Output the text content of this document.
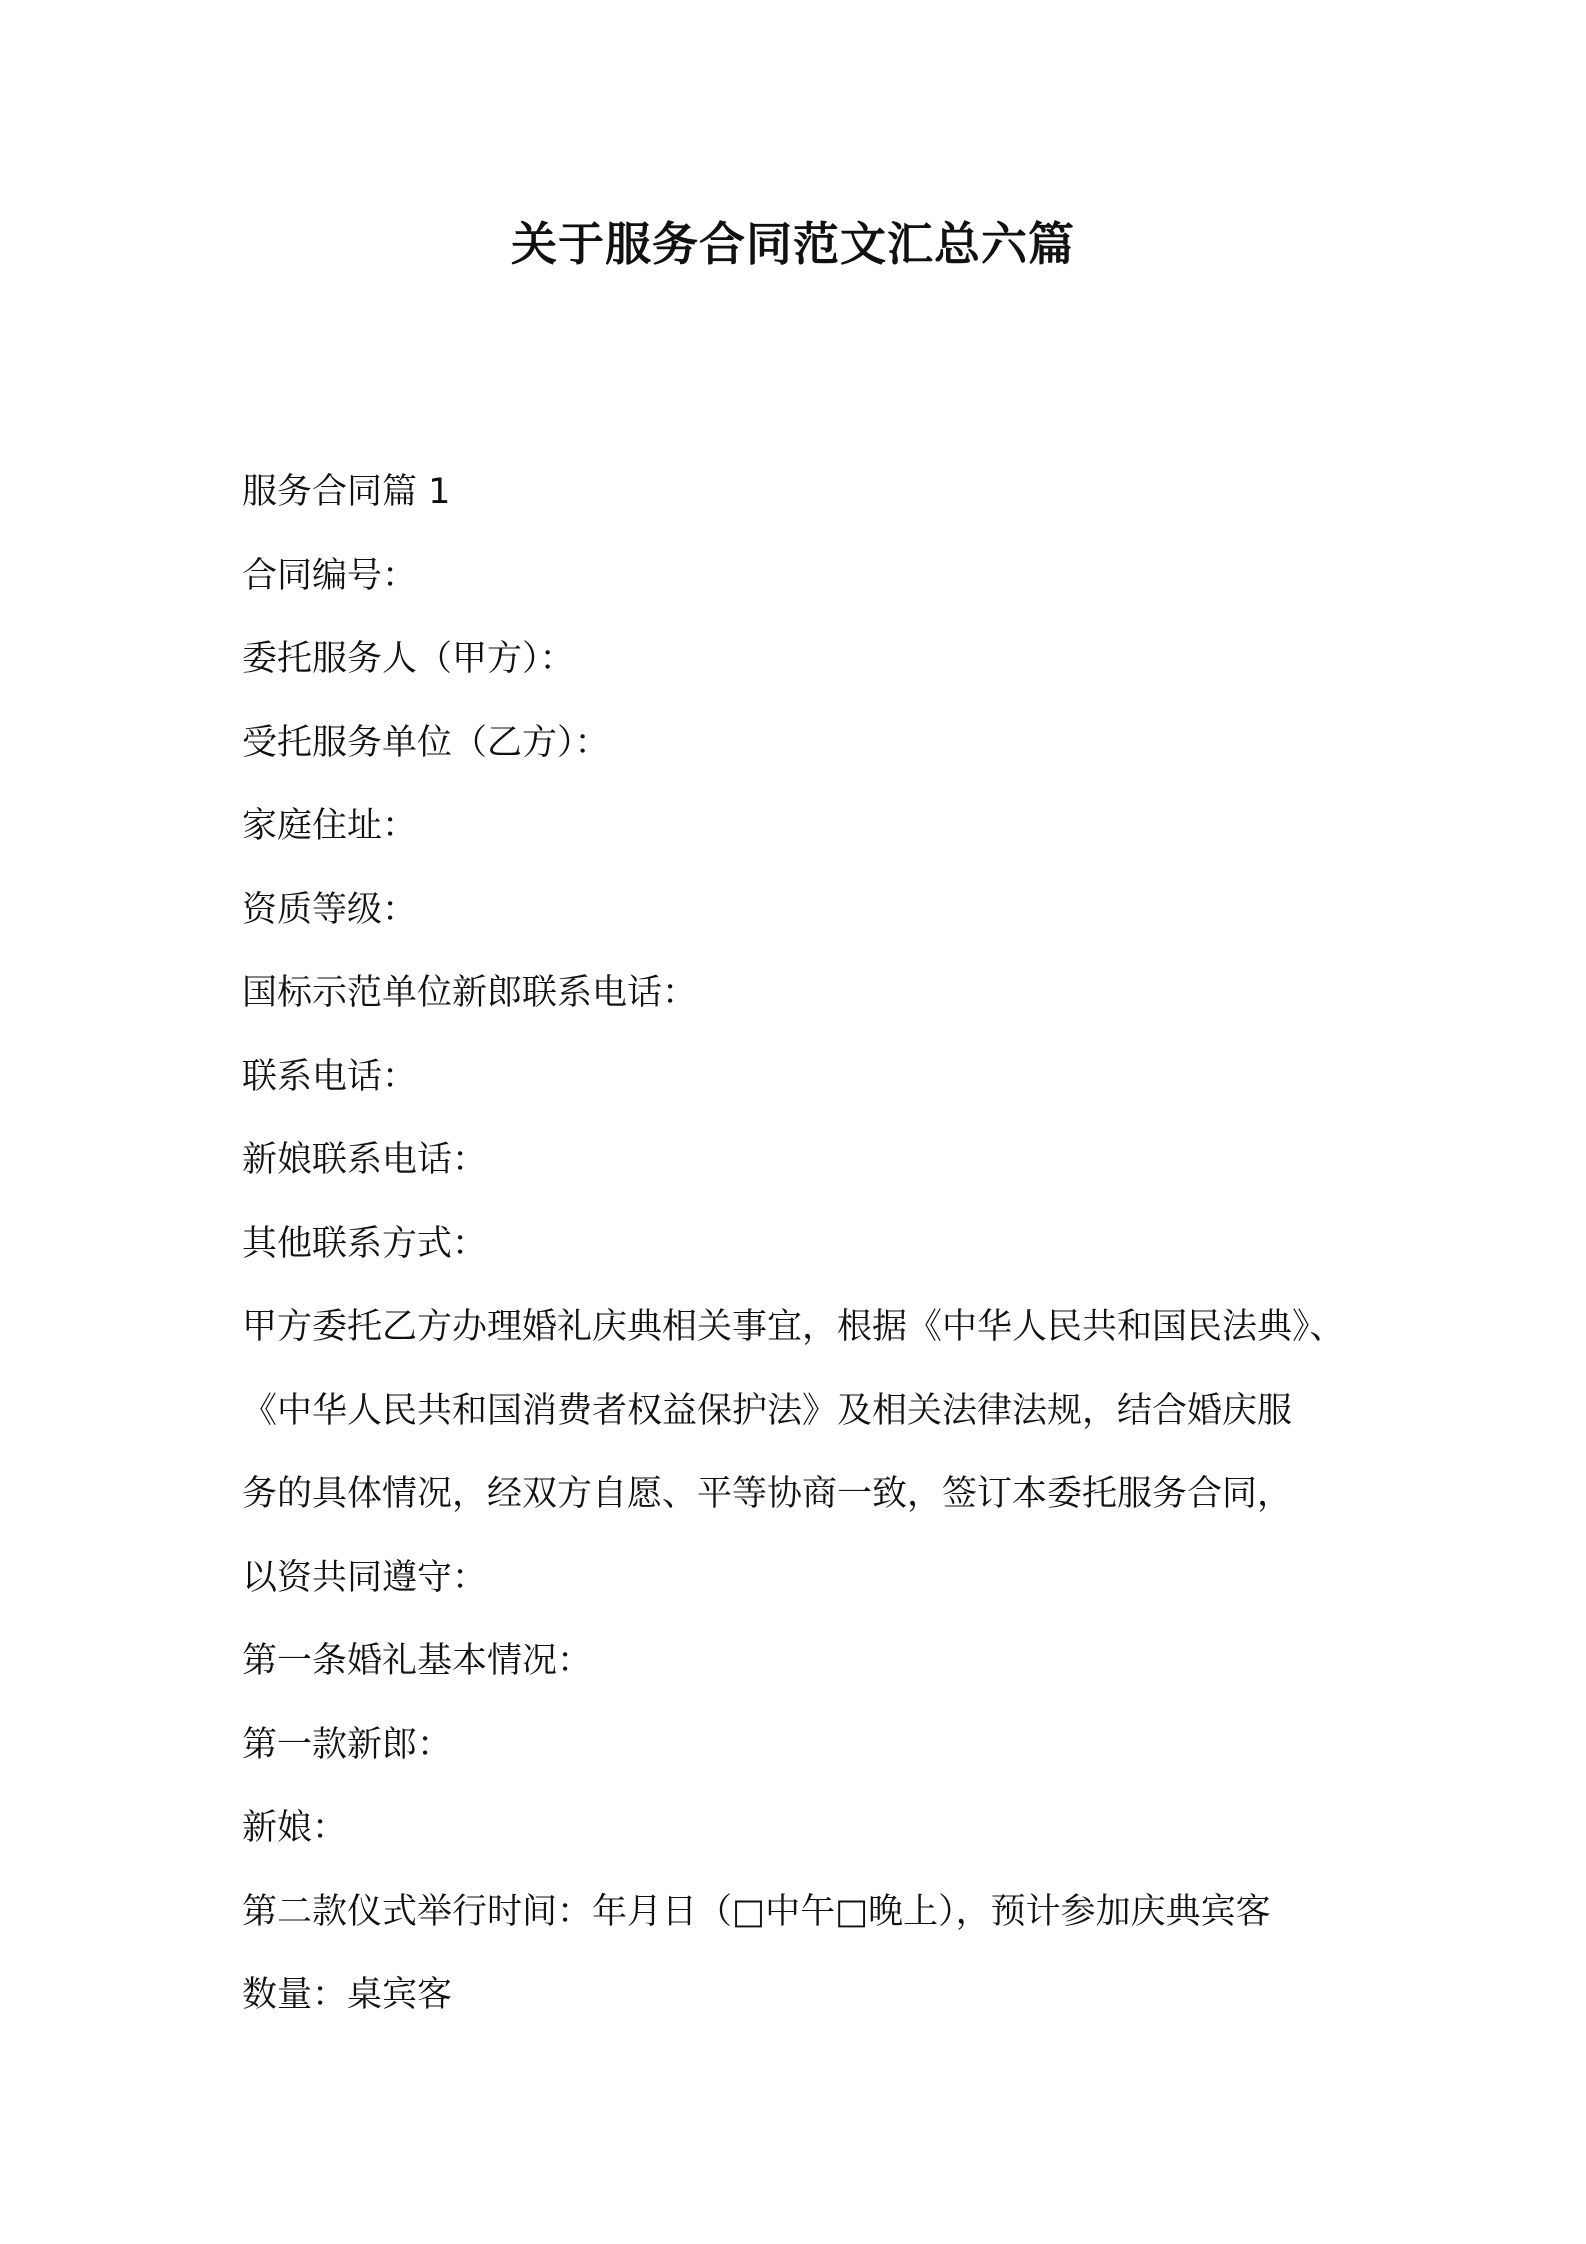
关于服务合同范文汇总六篇
服务合同篇 1
合同编号：
委托服务人（甲方）：
受托服务单位（乙方）：
家庭住址：
资质等级：
国标示范单位新郎联系电话：
联系电话：
新娘联系电话：
其他联系方式：
甲方委托乙方办理婚礼庆典相关事宜，根据《中华人民共和国民法典》、
《中华人民共和国消费者权益保护法》及相关法律法规，结合婚庆服
务的具体情况，经双方自愿、平等协商一致，签订本委托服务合同，
以资共同遵守：
第一条婚礼基本情况：
第一款新郎：
新娘：
第二款仪式举行时间：年月日（□中午□晚上），预计参加庆典宾客
数量：桌宾客
